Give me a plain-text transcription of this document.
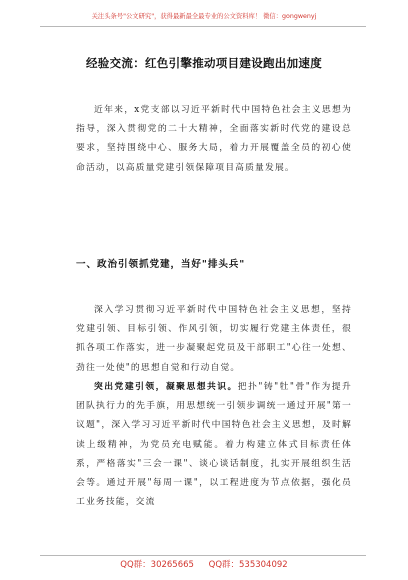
关注头条号"公文研究"，获得最新最全最专业的公文资料库！ 微信：gongwenyj
经验交流：红色引擎推动项目建设跑出加速度

近年来，x党支部以习近平新时代中国特色社会主义思想为指导，深入贯彻党的二十大精神，全面落实新时代党的建设总要求，坚持围绕中心、服务大局，着力开展覆盖全员的初心使命活动，以高质量党建引领保障项目高质量发展。

一、政治引领抓党建，当好"排头兵"

深入学习贯彻习近平新时代中国特色社会主义思想，坚持党建引领、目标引领、作风引领，切实履行党建主体责任，很抓各项工作落实，进一步凝聚起党员及干部职工"心往一处想、劲往一处使"的思想自觉和行动自觉。

突出党建引领，凝聚思想共识。把扑"铸"牡"骨"作为提升团队执行力的先手旗，用思想统一引领步调统一通过开展"第一议题"，深入学习习近平新时代中国特色社会主义思想，及时解读上级精神，为党员充电赋能。着力构建立体式目标责任体系，严格落实"三会一课"、谈心谈话制度，扎实开展组织生活会等。通过开展"每周一课"，以工程进度为节点依据，强化员工业务技能，交流

QQ群：30265665 QQ群：535304092
